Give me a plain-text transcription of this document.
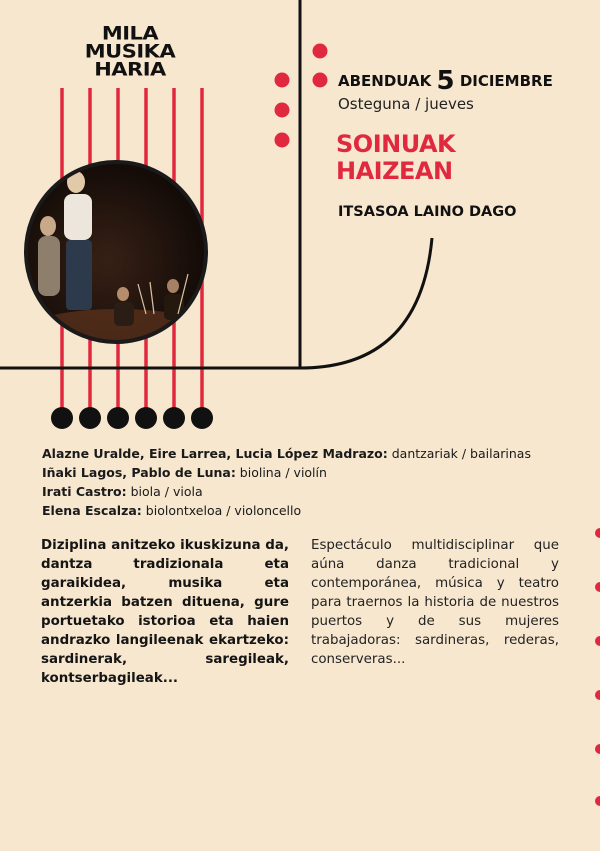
MILA
MUSIKA
HARIA
ABENDUAK 5 DICIEMBRE
Osteguna / jueves
SOINUAK
HAIZEAN
ITSASOA LAINO DAGO
Alazne Uralde, Eire Larrea, Lucia López Madrazo: dantzariak / bailarinas
Iñaki Lagos, Pablo de Luna: biolina / violín
Irati Castro: biola / viola
Elena Escalza: biolontxeloa / violoncello
Diziplina anitzeko ikuskizuna da, dantza tradizionala eta garaikidea, musika eta antzerkia batzen dituena, gure portuetako istorioa eta haien andrazko langileenak ekartzeko: sardinerak, saregileak, kontserbagileak...
Espectáculo multidisciplinar que aúna danza tradicional y contemporánea, música y teatro para traernos la historia de nuestros puertos y de sus mujeres trabajadoras: sardineras, rederas, conserveras...
